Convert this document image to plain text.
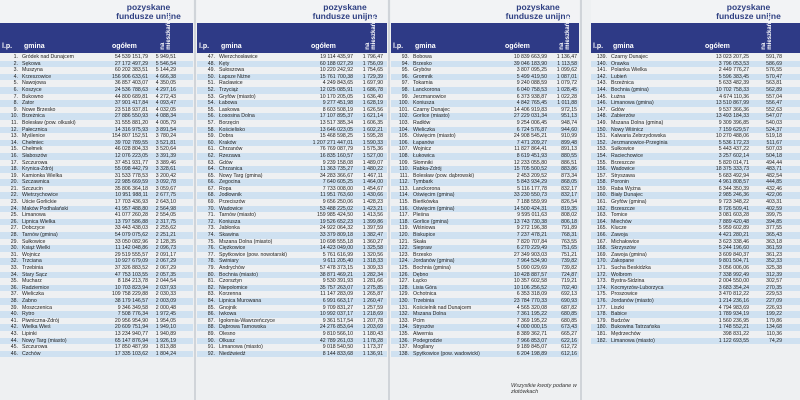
pozyskane
fundusze unijne
l.p. gmina	ogółem	na mieszkańca
1. Gródek nad Dunajcem	54 539 151,79	5 949,51
2. Sękowa	27 172 497,29	5 546,54
3. Muszyna	60 202 383,51	5 144,29
4. Krzeszowice	156 906 633,61	4 666,38
5. Nawojowa	36 857 403,07	4 350,05
6. Koszyce	24 536 788,63	4 297,16
7. Bukowno	44 800 689,81	4 272,43
8. Zator	37 901 417,84	4 093,47
9. Nowe Brzesko	23 518 937,81	4 032,05
10. Brzeżnica	27 886 550,93	4 088,34
11. Bolesław (pow. olkuski)	31 555 881,20	4 005,79
12. Pałecznica	14 316 975,93	3 891,54
13. Myślenice	154 807 152,51	3 780,24
14. Chełmiec	39 702 789,55	3 521,81
15. Chełmek	46 028 804,33	3 520,64
16. Słaboszów	12 076 223,05	3 391,39
17. Szczurowa	37 451 931,77	3 389,46
18. Krynica-Zdrój	55 098 442,79	3 328,61
19. Kamionka Wielka	31 533 778,53	3 200,42
20. Szczawnica	22 985 669,59	3 092,78
21. Szczucin	35 806 364,18	3 059,67
22. Wietrzychowice	10 951 988,11	2 677,75
23. Uście Gorlickie	17 703 436,93	2 643,10
24. Maków Podhalański	41 957 488,80	2 564,98
25. Limanowa	41 077 260,28	2 554,05
26. Lipnica Wielka	13 797 586,88	2 317,75
27. Dobczyce	33 443 438,03	2 255,62
28. Tarnów (gmina)	54 079 075,62	2 251,21
29. Sułkowice	33 050 082,96	2 128,35
30. Książ Wielki	11 142 048,86	2 096,73
31. Wojnicz	29 519 555,57	2 091,17
32. Trzciana	10 927 679,09	2 067,29
33. Trzebinia	37 326 883,52	2 067,29
34. Stary Sącz	47 753 103,55	2 057,35
35. Mucharz	8 184 213,78	2 044,54
36. Radziemice	10 703 823,94	2 037,93
37. Wieliczka	109 758 229,88	2 030,33
38. Zabno	38 179 146,57	2 003,09
39. Moszczenica	9 346 349,58	2 000,48
40. Rytro	7 508 776,34	1 972,45
41. Piwniczna-Zdrój	20 956 954,90	1 954,05
42. Wielka Wieś	20 609 751,94	1 949,10
43. Lipinki	13 234 940,77	1 940,89
44. Nowy Targ (miasto)	65 147 876,94	1 926,19
45. Szczurowa	17 850 487,99	1 813,88
46. Czchów	17 335 103,62	1 804,24
pozyskane
fundusze unijne
l.p. gmina	ogółem	na mieszkańca
47. Wierzchosławice	19 114 435,97	1 796,47
48. Kęty	60 188 027,29	1 756,09
49. Sułoszowa	10 220 242,92	1 754,65
50. Łapsze Niżne	15 761 700,38	1 729,39
51. Racławice	4 249 843,65	1 697,90
52. Trzyciąż	12 025 085,91	1 686,78
53. Gryfów (miasto)	10 170 205,05	1 636,40
54. Łabowa	9 277 451,98	1 628,19
55. Laskowa	8 603 508,19	1 626,56
56. Łososina Dolna	17 107 895,37	1 621,14
57. Borzęcin	13 517 385,34	1 606,35
58. Kościelisko	13 646 023,05	1 602,21
59. Dobra	15 468 598,25	1 595,28
60. Kraków	1 207 271 447,01	1 590,33
61. Chrzanów	76 769 087,79	1 575,36
62. Rzezawa	16 835 160,57	1 527,00
63. Gdów	9 239 158,08	1 489,07
64. Chrzanica	11 363 735,27	1 480,22
65. Nowy Targ (gmina)	34 283 366,67	1 467,11
66. Zegocina	7 640 605,25	1 464,00
67. Ropa	7 733 008,00	1 454,67
68. Jodłownik	11 951 763,60	1 430,66
69. Przeciszów	9 656 250,06	1 428,23
70. Wadowice	53 488 225,02	1 423,21
71. Tarnów (miasto)	159 985 424,50	1 413,56
72. Koniusza	19 526 652,23	1 399,86
73. Jabłonka	24 922 064,32	1 397,59
74. Skawina	33 379 809,18	1 382,47
75. Mszana Dolna (miasto)	10 698 555,18	1 360,27
76. Ciężkowice	14 423 049,00	1 325,58
77. Spytkowice (pow. nowotarski)	5 761 616,99	1 320,56
78. Świniary	9 611 205,40	1 318,33
79. Andrychów	57 478 373,15	1 309,33
80. Bochnia (miasto)	38 871 469,21	1 282,34
81. Czorsztyn	9 530 391,93	1 281,66
82. Niepołomice	35 757 263,07	1 275,85
83. Korzenna	11 147 283,09	1 265,87
84. Lipnica Murowana	6 991 663,17	1 260,47
85. Gnojnik	9 709 831,27	1 257,59
86. Iwkowa	10 992 037,17	1 218,69
87. Igołomia-Wawrzeńczyce	9 361 517,54	1 207,78
88. Dąbrowa Tarnowska	24 276 853,64	1 203,69
89. Olesno	9 810 566,10	1 180,43
90. Olkusz	42 789 261,03	1 178,28
91. Limanowa (miasto)	9 018 540,50	1 173,37
92. Niedźwiedź	8 144 833,68	1 136,91
pozyskane
fundusze unijne
l.p. gmina	ogółem	na mieszkańca
93. Bobowa	10 839 663,99	1 136,47
94. Brzesko	39 046 183,90	1 113,58
95. Grybów	3 807 095,25	1 099,62
96. Gromnik	5 499 419,50	1 087,01
97. Tokarnia	9 240 088,59	1 079,72
98. Lanckorona	6 040 758,53	1 028,45
99. Jerzmanowice	6 373 938,87	1 022,28
100. Koniusza	4 842 765,45	1 011,88
101. Czarny Dunajec	14 406 919,83	972,15
102. Gorlice (miasto)	27 229 031,34	951,13
103. Radłów	9 254 006,45	948,74
104. Wieliczka	6 724 576,87	944,60
105. Oświęcim (miasto)	24 908 545,21	910,99
106. Łapanów	7 471 209,27	899,48
107. Wojnicz	11 827 864,41	891,13
108. Łukowica	8 619 451,93	880,55
109. Słomniki	12 233 055,80	886,51
110. Rabka-Zdrój	15 705 500,52	883,86
111. Bolesław (pow. dąbrowski)	2 453 209,52	873,34
112. Tymbark	5 843 934,29	868,05
113. Lanckorona	5 116 177,78	832,17
114. Oświęcim (gmina)	33 230 550,73	832,17
115. Bieńkówka	7 188 559,99	826,54
116. Oświęcim (gmina)	14 500 424,31	819,35
117. Pleśna	9 595 011,63	808,02
118. Gorlice (gmina)	13 743 730,38	806,18
119. Wiśniowa	9 272 196,38	791,89
120. Biskupice	7 237 478,21	768,31
121. Skała	7 820 707,84	763,55
122. Siepraw	6 270 229,49	751,65
123. Brzesko	27 349 903,03	751,21
124. Jordanów (gmina)	7 964 534,90	739,82
125. Bochnia (gmina)	5 090 029,69	739,82
126. Dębno	10 428 887,57	724,87
127. Łącko	10 357 602,58	719,21
128. Lisia Góra	10 106 256,52	702,40
129. Ochotnica	6 353 318,09	692,13
130. Trzebinia	23 784 770,33	690,93
131. Kościelnik nad Dunajcem	4 565 320,08	687,82
132. Mszana Dolna	7 361 195,22	680,85
133. Pcim	7 369 195,22	680,85
134. Stryszów	4 000 000,15	673,43
135. Alwernia	8 389 362,71	665,27
136. Podegrodzie	7 966 853,07	622,16
137. Mogilany	9 189 845,07	612,72
138. Spytkowice (pow. wadowicki)	6 204 198,89	612,16
Wszystkie kwoty podane w złotówkach
pozyskane
fundusze unijne
l.p. gmina	ogółem	na mieszkańca
139. Czarny Dunajec	13 023 207,25	591,78
140. Orawka	3 796 053,53	586,69
141. Polanka Wielka	2 449 776,27	576,55
142. Lubień	5 596 383,45	570,47
143. Brzeźnica	5 633 482,39	563,81
144. Bochnia (gmina)	10 702 758,33	562,89
145. Łużna	4 674 110,36	557,04
146. Limanowa (gmina)	13 510 867,99	556,47
147. Gdów	9 537 366,36	552,63
148. Zabierzów	13 493 184,33	547,07
149. Mszana Dolna (gmina)	9 309 396,85	540,03
150. Nowy Wiśnicz	7 159 629,57	524,37
151. Kalwaria Zebrzydowska	10 270 488,06	519,18
152. Jerzmanowice-Przeginia	5 536 172,23	511,67
153. Sułkowice	5 443 437,22	507,03
154. Raciechowice	3 257 602,14	504,18
155. Brzeszcze	5 820 014,71	494,44
156. Wadowice	18 375 333,73	483,71
157. Stryszawa	5 683 492,94	482,54
158. Poronin	4 961 808,57	444,85
159. Raba Wyżna	6 344 350,39	432,46
160. Biały Dunajec	2 985 246,36	422,06
161. Gryfów (gmina)	9 723 348,22	403,31
162. Brzeszcze	8 726 509,41	402,59
163. Tomice	3 081 603,28	399,75
164. Miechów	7 889 420,48	394,85
165. Klucze	5 959 602,89	377,55
166. Zawoja	4 421 280,21	365,43
167. Michałowice	3 623 338,46	363,18
168. Skrzyszów	5 244 196,60	361,59
169. Zawoja (gmina)	3 609 840,37	361,23
170. Zakopane	9 801 504,71	352,33
171. Sucha Beskidzka	3 056 006,06	325,38
172. Wolbrom	7 338 992,49	312,39
173. Bystra-Sidzina	2 004 550,00	302,57
174. Kocmyrzów-Luborzyca	3 683 354,24	270,35
175. Proszowice	3 470 812,22	229,53
176. Jordanów (miasto)	1 214 236,16	227,09
177. Liszki	4 794 983,69	226,93
178. Babice	1 789 934,19	199,22
179. Budzów	1 560 236,95	179,86
180. Bukowina Tatrzańska	1 748 552,21	134,68
181. Mędrzechów	398 831,22	110,36
182. Limanowa (miasto)	1 122 693,55	74,29
